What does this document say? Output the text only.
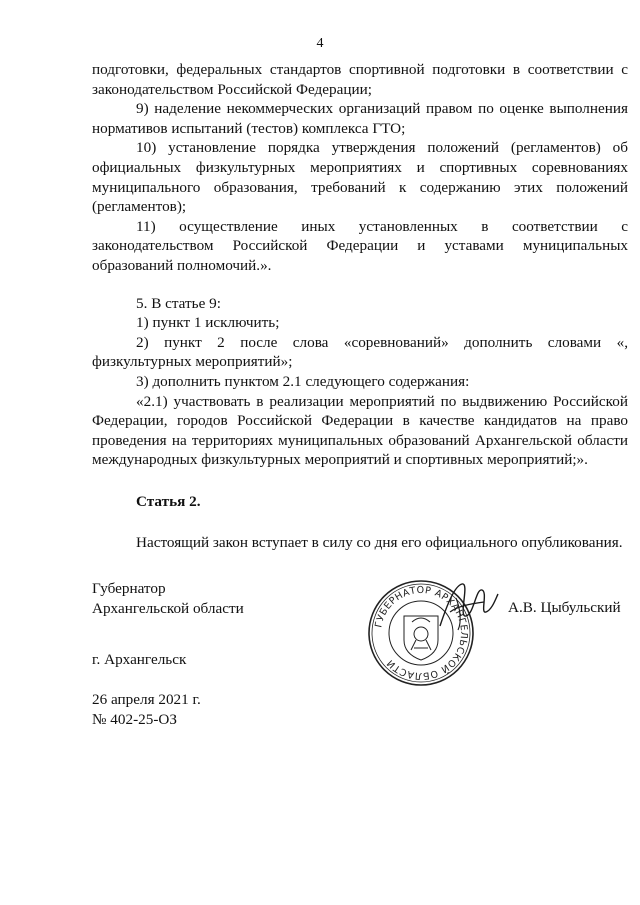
4

подготовки, федеральных стандартов спортивной подготовки в соответствии с законодательством Российской Федерации;

9) наделение некоммерческих организаций правом по оценке выполнения нормативов испытаний (тестов) комплекса ГТО;

10) установление порядка утверждения положений (регламентов) об официальных физкультурных мероприятиях и спортивных соревнованиях муниципального образования, требований к содержанию этих положений (регламентов);

11) осуществление иных установленных в соответствии с законодательством Российской Федерации и уставами муниципальных образований полномочий.».

5. В статье 9:

1) пункт 1 исключить;

2) пункт 2 после слова «соревнований» дополнить словами «, физкультурных мероприятий»;

3) дополнить пунктом 2.1 следующего содержания:

«2.1) участвовать в реализации мероприятий по выдвижению Российской Федерации, городов Российской Федерации в качестве кандидатов на право проведения на территориях муниципальных образований Архангельской области международных физкультурных мероприятий и спортивных мероприятий;».

Статья 2.

Настоящий закон вступает в силу со дня его официального опубликования.

Губернатор
Архангельской области	А.В. Цыбульский
ГУБЕРНАТОР АРХАНГЕЛЬСКОЙ ОБЛАСТИ
г. Архангельск
26 апреля 2021 г.
№ 402-25-ОЗ
